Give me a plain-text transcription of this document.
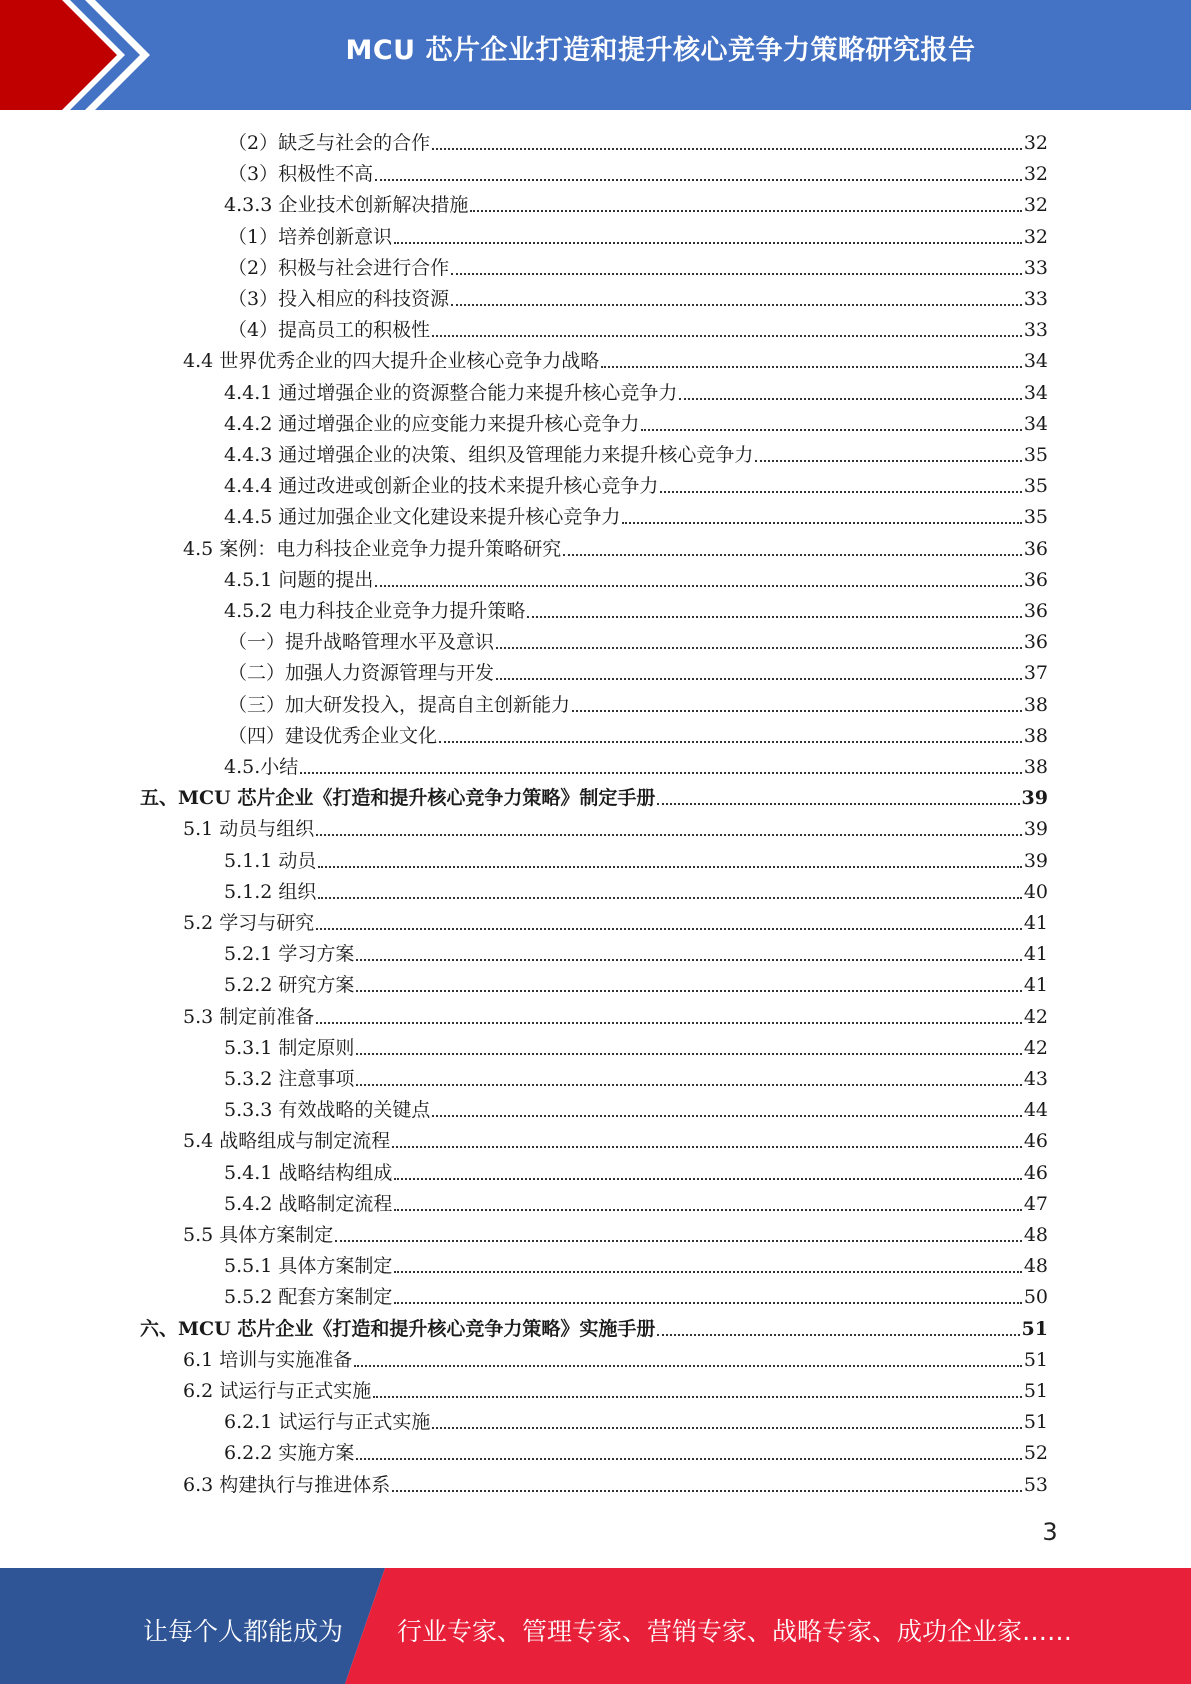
MCU 芯片企业打造和提升核心竞争力策略研究报告
（2）缺乏与社会的合作	32
（3）积极性不高	32
4.3.3 企业技术创新解决措施	32
（1）培养创新意识	32
（2）积极与社会进行合作	33
（3）投入相应的科技资源	33
（4）提高员工的积极性	33
4.4 世界优秀企业的四大提升企业核心竞争力战略	34
4.4.1 通过增强企业的资源整合能力来提升核心竞争力	34
4.4.2 通过增强企业的应变能力来提升核心竞争力	34
4.4.3 通过增强企业的决策、组织及管理能力来提升核心竞争力	35
4.4.4 通过改进或创新企业的技术来提升核心竞争力	35
4.4.5 通过加强企业文化建设来提升核心竞争力	35
4.5 案例：电力科技企业竞争力提升策略研究	36
4.5.1 问题的提出	36
4.5.2 电力科技企业竞争力提升策略	36
（一）提升战略管理水平及意识	36
（二）加强人力资源管理与开发	37
（三）加大研发投入，提高自主创新能力	38
（四）建设优秀企业文化	38
4.5.小结	38
五、MCU 芯片企业《打造和提升核心竞争力策略》制定手册	39
5.1 动员与组织	39
5.1.1 动员	39
5.1.2 组织	40
5.2 学习与研究	41
5.2.1 学习方案	41
5.2.2 研究方案	41
5.3 制定前准备	42
5.3.1 制定原则	42
5.3.2 注意事项	43
5.3.3 有效战略的关键点	44
5.4 战略组成与制定流程	46
5.4.1 战略结构组成	46
5.4.2 战略制定流程	47
5.5 具体方案制定	48
5.5.1 具体方案制定	48
5.5.2 配套方案制定	50
六、MCU 芯片企业《打造和提升核心竞争力策略》实施手册	51
6.1 培训与实施准备	51
6.2 试运行与正式实施	51
6.2.1 试运行与正式实施	51
6.2.2 实施方案	52
6.3 构建执行与推进体系	53
3
让每个人都能成为 行业专家、管理专家、营销专家、战略专家、成功企业家……
